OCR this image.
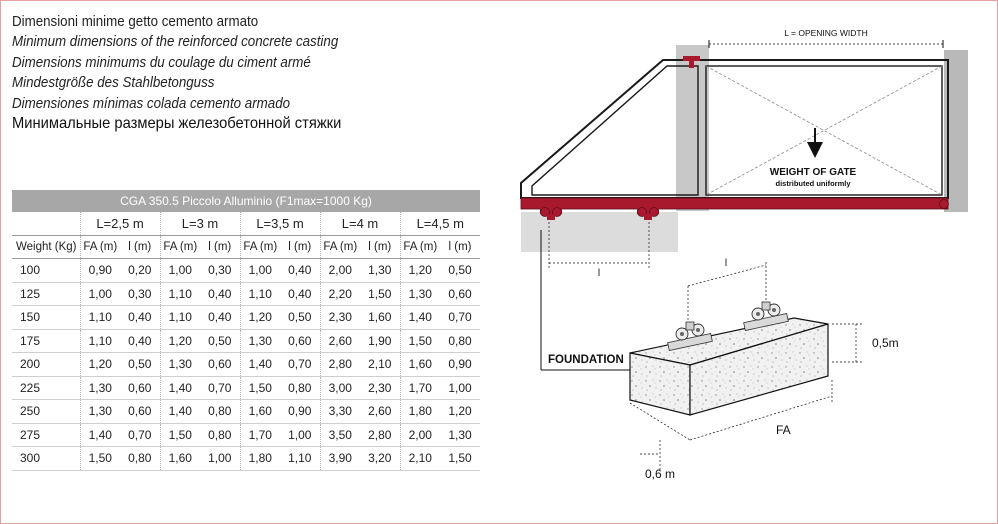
Dimensioni minime getto cemento armato
Minimum dimensions of the reinforced concrete casting
Dimensions minimums du coulage du ciment armé
Mindestgröße des Stahlbetonguss
Dimensiones mínimas colada cemento armado
Минимальные размеры железобетонной стяжки
CGA 350.5 Piccolo Alluminio (F1max=1000 Kg)										
	L=2,5 m		L=3 m		L=3,5 m		L=4 m		L=4,5 m	
Weight (Kg)	FA (m)	l (m)	FA (m)	l (m)	FA (m)	l (m)	FA (m)	l (m)	FA (m)	l (m)
100	0,90	0,20	1,00	0,30	1,00	0,40	2,00	1,30	1,20	0,50
125	1,00	0,30	1,10	0,40	1,10	0,40	2,20	1,50	1,30	0,60
150	1,10	0,40	1,10	0,40	1,20	0,50	2,30	1,60	1,40	0,70
175	1,10	0,40	1,20	0,50	1,30	0,60	2,60	1,90	1,50	0,80
200	1,20	0,50	1,30	0,60	1,40	0,70	2,80	2,10	1,60	0,90
225	1,30	0,60	1,40	0,70	1,50	0,80	3,00	2,30	1,70	1,00
250	1,30	0,60	1,40	0,80	1,60	0,90	3,30	2,60	1,80	1,20
275	1,40	0,70	1,50	0,80	1,70	1,00	3,50	2,80	2,00	1,30
300	1,50	0,80	1,60	1,00	1,80	1,10	3,90	3,20	2,10	1,50
L = OPENING WIDTH
WEIGHT OF GATE
distributed uniformly
l
FOUNDATION
l
0,5m
FA
0,6 m
